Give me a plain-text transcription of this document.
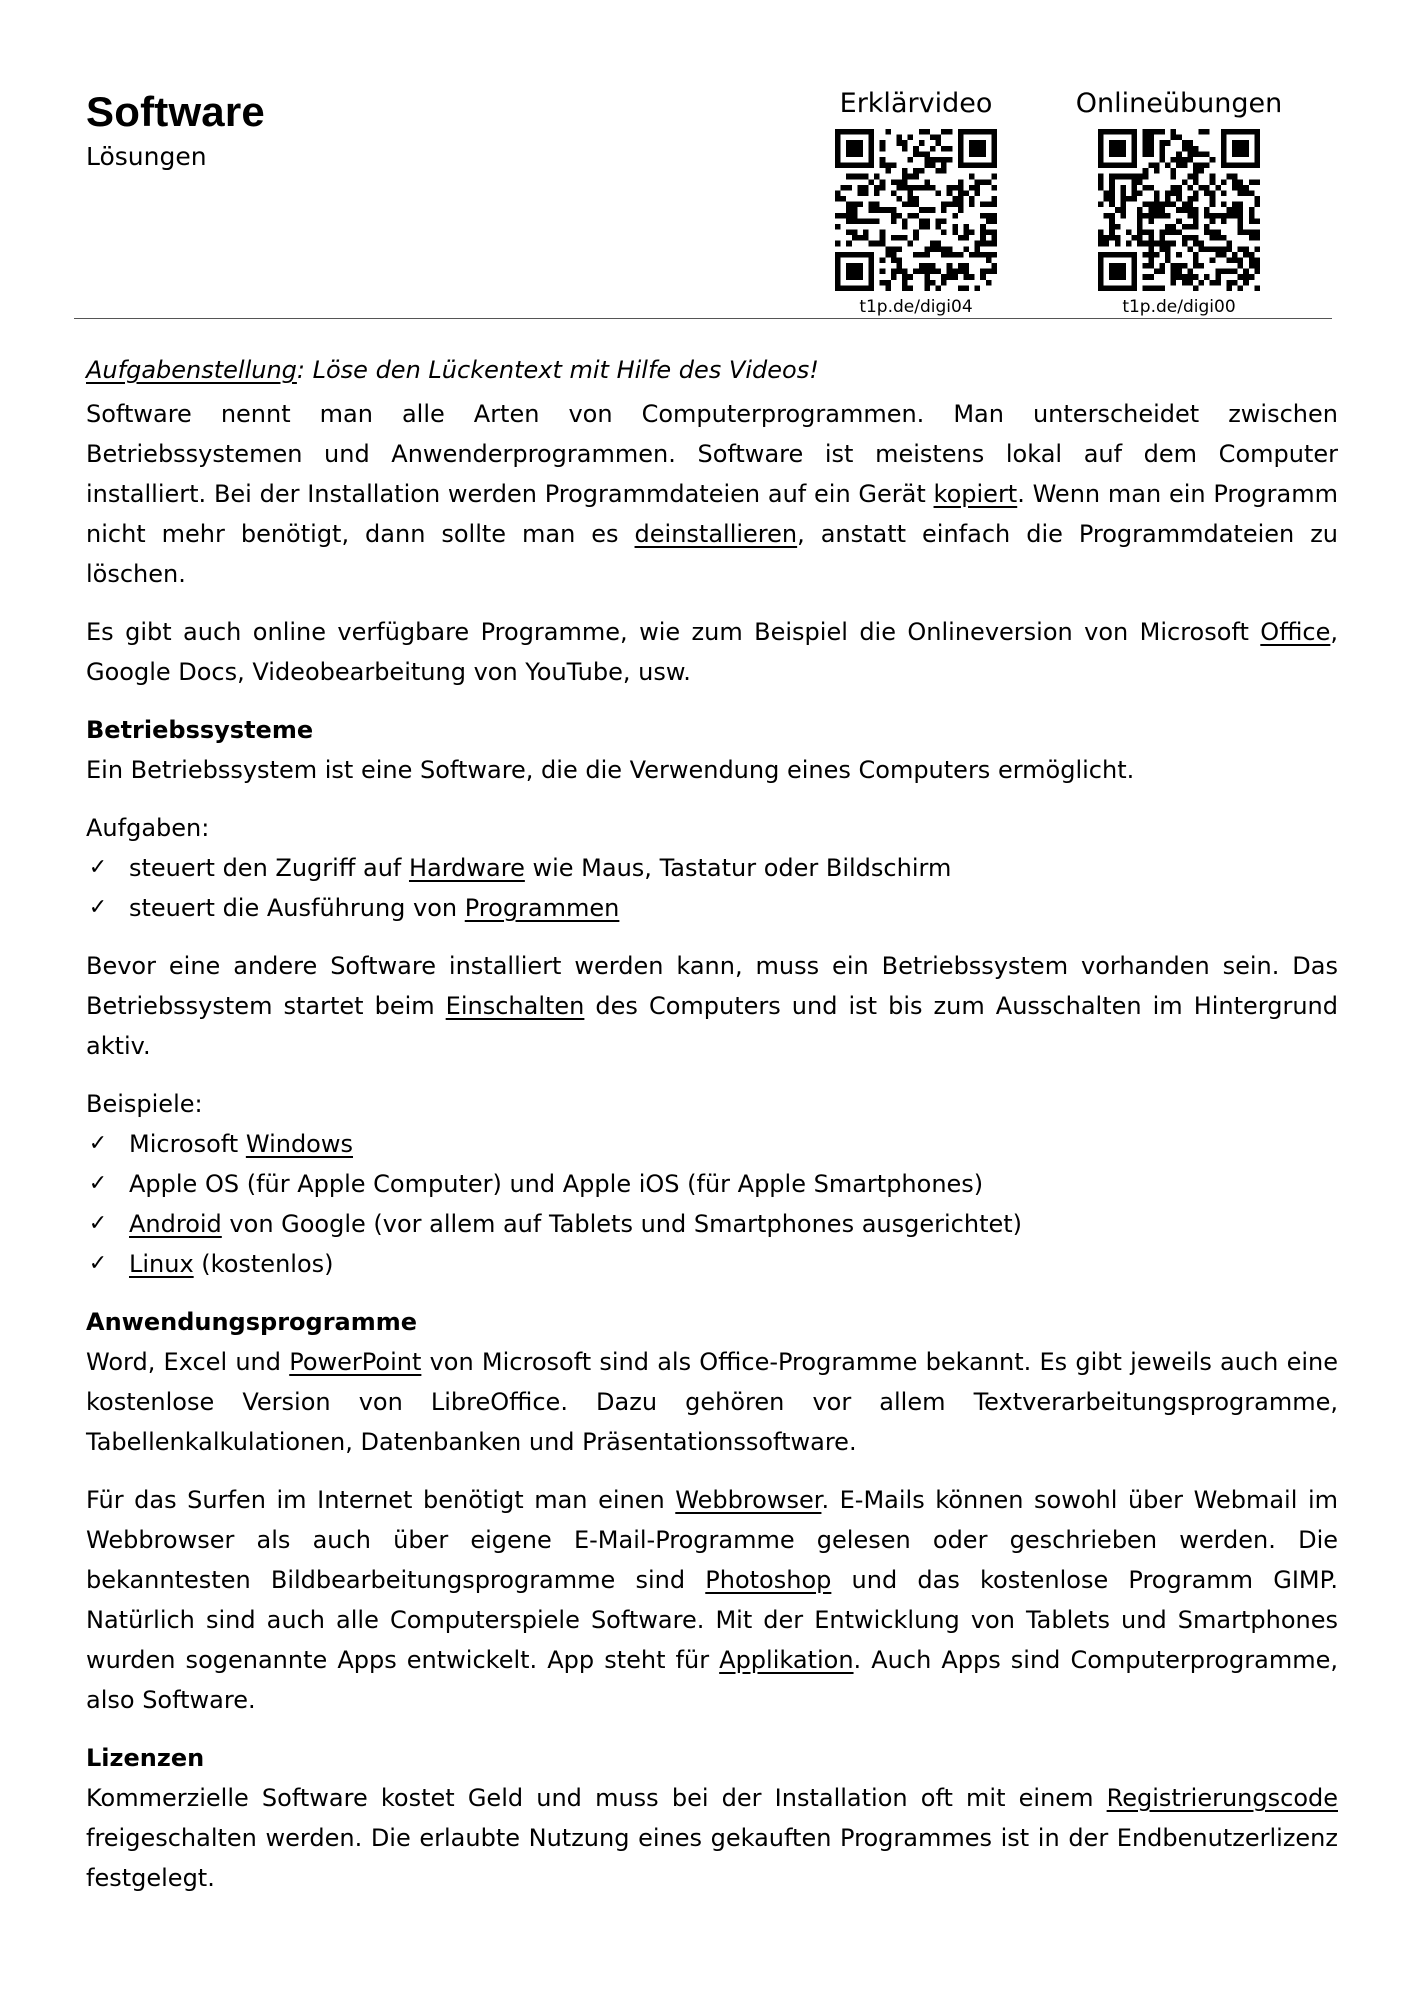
Software
Lösungen
Erklärvideo
t1p.de/digi04
Onlineübungen
t1p.de/digi00
Aufgabenstellung: Löse den Lückentext mit Hilfe des Videos!

Software nennt man alle Arten von Computerprogrammen. Man unterscheidet zwischen Betriebssystemen und Anwenderprogrammen. Software ist meistens lokal auf dem Computer installiert. Bei der Installation werden Programmdateien auf ein Gerät kopiert. Wenn man ein Programm nicht mehr benötigt, dann sollte man es deinstallieren, anstatt einfach die Programmdateien zu löschen.

Es gibt auch online verfügbare Programme, wie zum Beispiel die Onlineversion von Microsoft Office, Google Docs, Videobearbeitung von YouTube, usw.

Betriebssysteme

Ein Betriebssystem ist eine Software, die die Verwendung eines Computers ermöglicht.

Aufgaben:
✓ steuert den Zugriff auf Hardware wie Maus, Tastatur oder Bildschirm
✓ steuert die Ausführung von Programmen

Bevor eine andere Software installiert werden kann, muss ein Betriebssystem vorhanden sein. Das Betriebssystem startet beim Einschalten des Computers und ist bis zum Ausschalten im Hintergrund aktiv.

Beispiele:
✓ Microsoft Windows
✓ Apple OS (für Apple Computer) und Apple iOS (für Apple Smartphones)
✓ Android von Google (vor allem auf Tablets und Smartphones ausgerichtet)
✓ Linux (kostenlos)
Anwendungsprogramme

Word, Excel und PowerPoint von Microsoft sind als Office-Programme bekannt. Es gibt jeweils auch eine kostenlose Version von LibreOffice. Dazu gehören vor allem Textverarbeitungsprogramme, Tabellenkalkulationen, Datenbanken und Präsentationssoftware.

Für das Surfen im Internet benötigt man einen Webbrowser. E-Mails können sowohl über Webmail im Webbrowser als auch über eigene E-Mail-Programme gelesen oder geschrieben werden. Die bekanntesten Bildbearbeitungsprogramme sind Photoshop und das kostenlose Programm GIMP. Natürlich sind auch alle Computerspiele Software. Mit der Entwicklung von Tablets und Smartphones wurden sogenannte Apps entwickelt. App steht für Applikation. Auch Apps sind Computerprogramme, also Software.

Lizenzen

Kommerzielle Software kostet Geld und muss bei der Installation oft mit einem Registrierungscode freigeschalten werden. Die erlaubte Nutzung eines gekauften Programmes ist in der Endbenutzerlizenz festgelegt.
